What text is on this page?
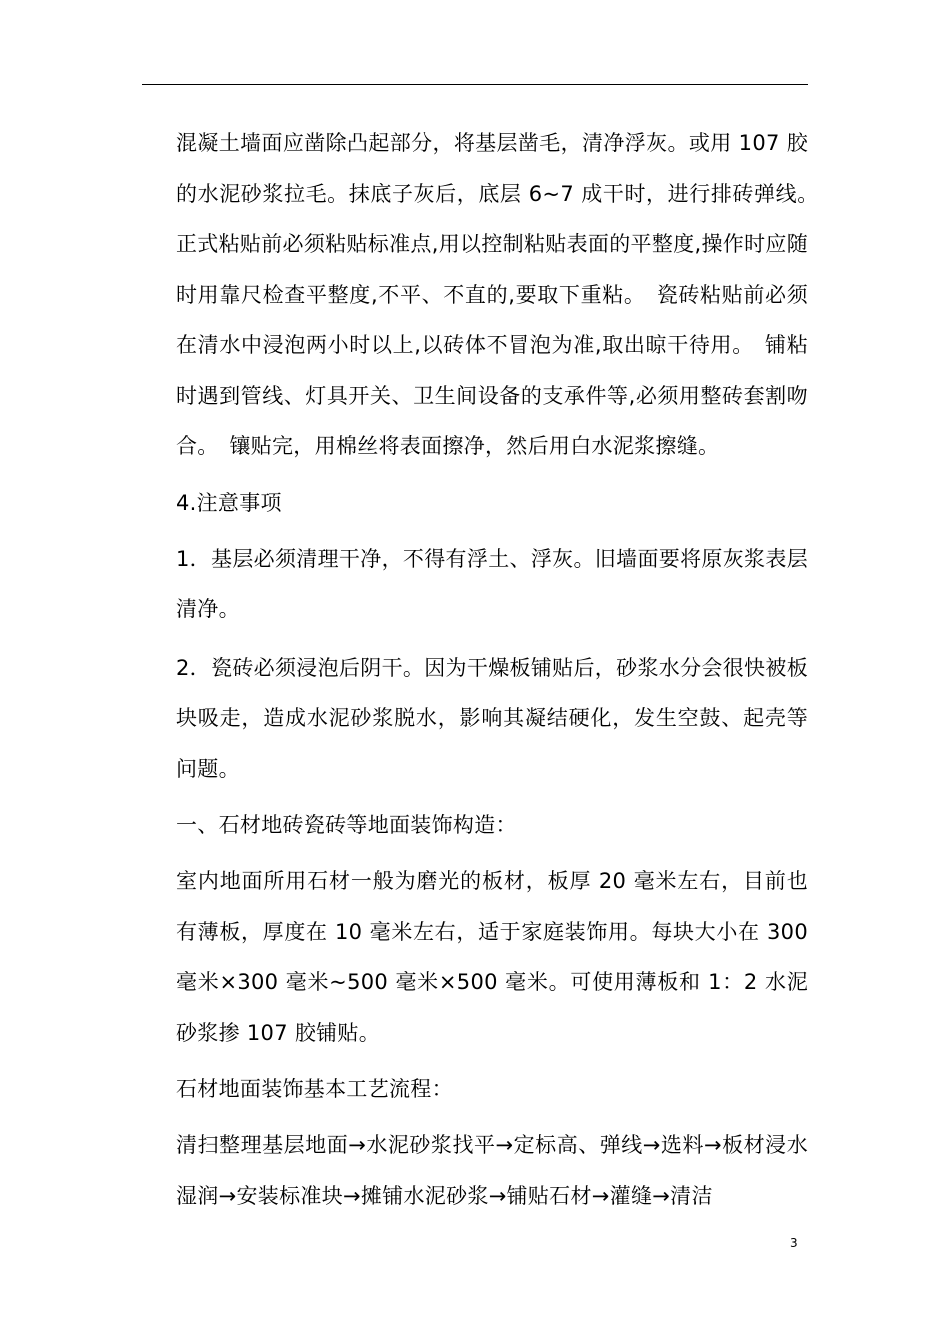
混凝土墙面应凿除凸起部分，将基层凿毛，清净浮灰。或用 107 胶的水泥砂浆拉毛。抹底子灰后，底层 6~7 成干时，进行排砖弹线。　正式粘贴前必须粘贴标准点,用以控制粘贴表面的平整度,操作时应随时用靠尺检查平整度,不平、不直的,要取下重粘。　瓷砖粘贴前必须在清水中浸泡两小时以上,以砖体不冒泡为准,取出晾干待用。　铺粘时遇到管线、灯具开关、卫生间设备的支承件等,必须用整砖套割吻合。　镶贴完，用棉丝将表面擦净，然后用白水泥浆擦缝。

4.注意事项

1．基层必须清理干净，不得有浮土、浮灰。旧墙面要将原灰浆表层清净。

2．瓷砖必须浸泡后阴干。因为干燥板铺贴后，砂浆水分会很快被板块吸走，造成水泥砂浆脱水，影响其凝结硬化，发生空鼓、起壳等问题。

一、石材地砖瓷砖等地面装饰构造：

室内地面所用石材一般为磨光的板材，板厚 20 毫米左右，目前也有薄板，厚度在 10 毫米左右，适于家庭装饰用。每块大小在 300 毫米×300 毫米~500 毫米×500 毫米。可使用薄板和 1：2 水泥砂浆掺 107 胶铺贴。

石材地面装饰基本工艺流程：

清扫整理基层地面→水泥砂浆找平→定标高、弹线→选料→板材浸水湿润→安装标准块→摊铺水泥砂浆→铺贴石材→灌缝→清洁

3
